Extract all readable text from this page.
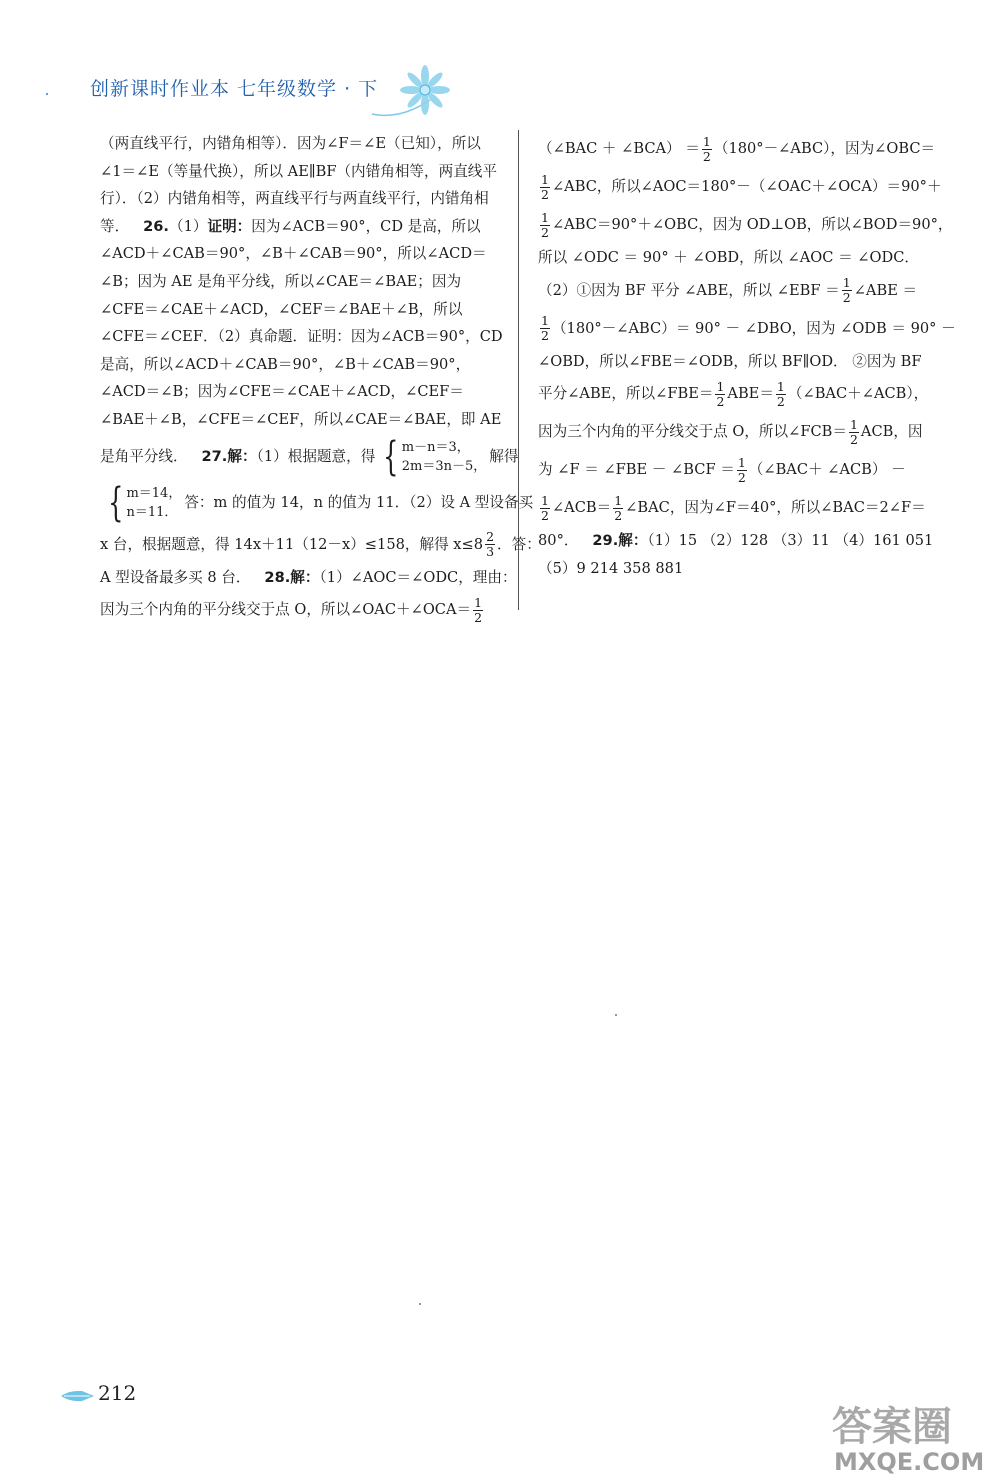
创新课时作业本 七年级数学 · 下
（两直线平行，内错角相等）．因为∠F＝∠E（已知），所以
∠1＝∠E（等量代换），所以 AE∥BF（内错角相等，两直线平
行）．（2）内错角相等，两直线平行与两直线平行，内错角相
等． 26.（1）证明：因为∠ACB＝90°，CD 是高，所以
∠ACD＋∠CAB＝90°，∠B＋∠CAB＝90°，所以∠ACD＝
∠B；因为 AE 是角平分线，所以∠CAE＝∠BAE；因为
∠CFE＝∠CAE＋∠ACD，∠CEF＝∠BAE＋∠B，所以
∠CFE＝∠CEF．（2）真命题．证明：因为∠ACB＝90°，CD
是高，所以∠ACD＋∠CAB＝90°，∠B＋∠CAB＝90°，
∠ACD＝∠B；因为∠CFE＝∠CAE＋∠ACD，∠CEF＝
∠BAE＋∠B，∠CFE＝∠CEF，所以∠CAE＝∠BAE，即 AE
是角平分线． 27.解：（1）根据题意，得 { m－n＝3，
2m＝3n－5，
解得
{ m＝14，
n＝11．
答：m 的值为 14，n 的值为 11．（2）设 A 型设备买
x 台，根据题意，得 14x＋11（12－x）≤158，解得 $x\le 8 \frac{2}{3}$ ．答：
A 型设备最多买 8 台． 28.解：（1）∠AOC＝∠ODC，理由：
因为三个内角的平分线交于点 O，所以∠OAC＋∠OCA＝ $\frac{1}{2}$
（∠BAC ＋ ∠BCA） ＝ $\frac{1}{2}$ （180°－∠ABC），因为∠OBC＝
$\frac{1}{2}$ ∠ABC，所以∠AOC＝180°－（∠OAC＋∠OCA）＝90°＋
$\frac{1}{2}$ ∠ABC＝90°＋∠OBC，因为 OD⊥OB，所以∠BOD＝90°，
所以 ∠ODC ＝ 90° ＋ ∠OBD，所以 ∠AOC ＝ ∠ODC．
（2）①因为 BF 平分 ∠ABE，所以 ∠EBF ＝ $\frac{1}{2}$ ∠ABE ＝
$\frac{1}{2}$ （180°－∠ABC）＝ 90° － ∠DBO，因为 ∠ODB ＝ 90° －
∠OBD，所以∠FBE＝∠ODB，所以 BF∥OD． ②因为 BF
平分∠ABE，所以∠FBE＝ $\frac{1}{2} ABE= \frac{1}{2}$ （∠BAC＋∠ACB），
因为三个内角的平分线交于点 O，所以∠FCB＝ $\frac{1}{2}$ ACB，因
为 ∠F ＝ ∠FBE － ∠BCF ＝ $\frac{1}{2}$ （∠BAC＋ ∠ACB） －
$\frac{1}{2}$ ∠ACB＝ $\frac{1}{2}$ ∠BAC，因为∠F＝40°，所以∠BAC＝2∠F＝
80°． 29.解：（1）15 （2）128 （3）11 （4）161 051
（5）9 214 358 881
212
答案圈
MXQE.COM
